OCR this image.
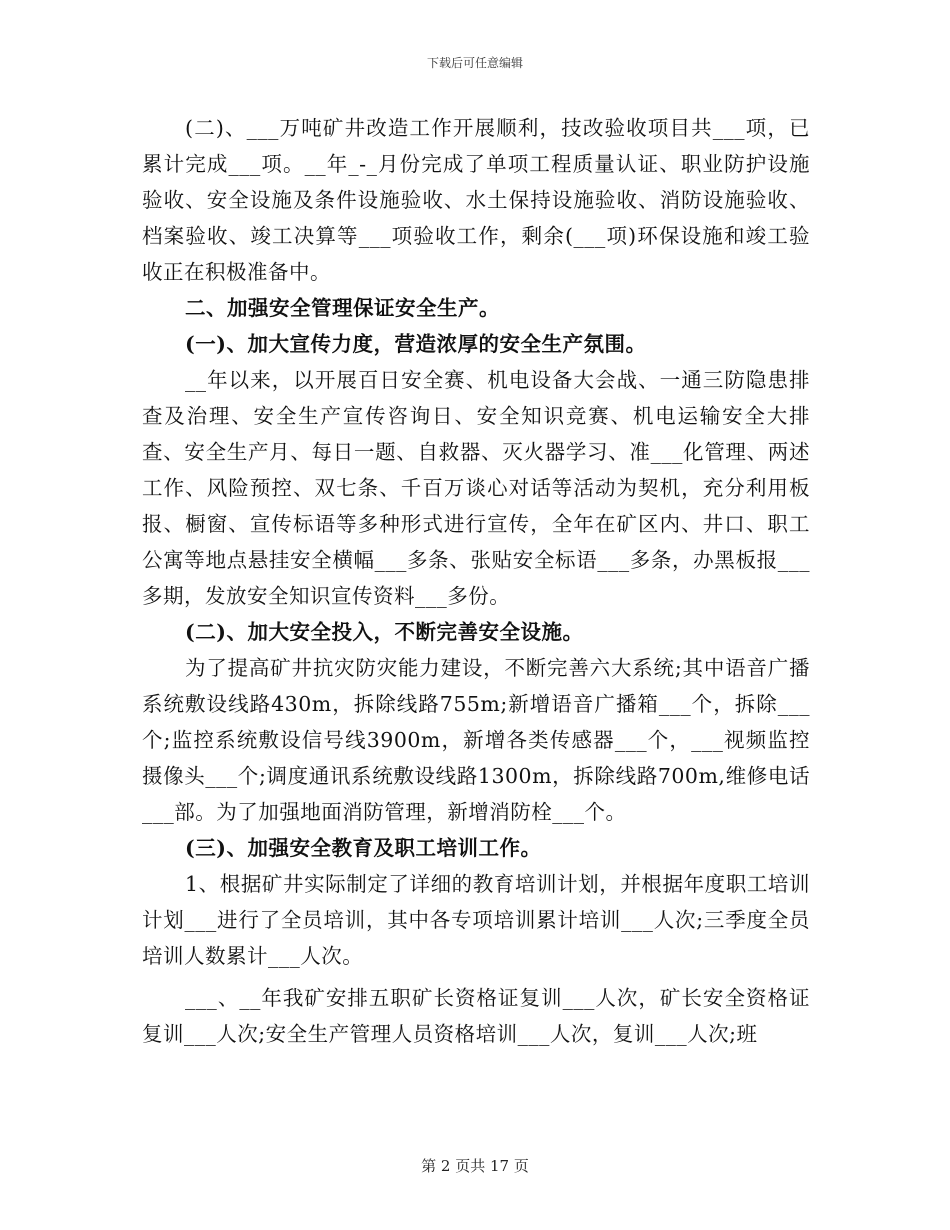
下载后可任意编辑

(二)、___万吨矿井改造工作开展顺利，技改验收项目共___项，已累计完成___项。__年_-_月份完成了单项工程质量认证、职业防护设施验收、安全设施及条件设施验收、水土保持设施验收、消防设施验收、档案验收、竣工决算等___项验收工作，剩余(___项)环保设施和竣工验收正在积极准备中。

二、加强安全管理保证安全生产。

(一)、加大宣传力度，营造浓厚的安全生产氛围。

__年以来，以开展百日安全赛、机电设备大会战、一通三防隐患排查及治理、安全生产宣传咨询日、安全知识竞赛、机电运输安全大排查、安全生产月、每日一题、自救器、灭火器学习、准___化管理、两述工作、风险预控、双七条、千百万谈心对话等活动为契机，充分利用板报、橱窗、宣传标语等多种形式进行宣传，全年在矿区内、井口、职工公寓等地点悬挂安全横幅___多条、张贴安全标语___多条，办黑板报___多期，发放安全知识宣传资料___多份。

(二)、加大安全投入，不断完善安全设施。

为了提高矿井抗灾防灾能力建设，不断完善六大系统;其中语音广播系统敷设线路430m，拆除线路755m;新增语音广播箱___个，拆除___个;监控系统敷设信号线3900m，新增各类传感器___个，___视频监控摄像头___个;调度通讯系统敷设线路1300m，拆除线路700m,维修电话___部。为了加强地面消防管理，新增消防栓___个。

(三)、加强安全教育及职工培训工作。

1、根据矿井实际制定了详细的教育培训计划，并根据年度职工培训计划___进行了全员培训，其中各专项培训累计培训___人次;三季度全员培训人数累计___人次。

___、__年我矿安排五职矿长资格证复训___人次，矿长安全资格证复训___人次;安全生产管理人员资格培训___人次，复训___人次;班

第 2 页共 17 页
